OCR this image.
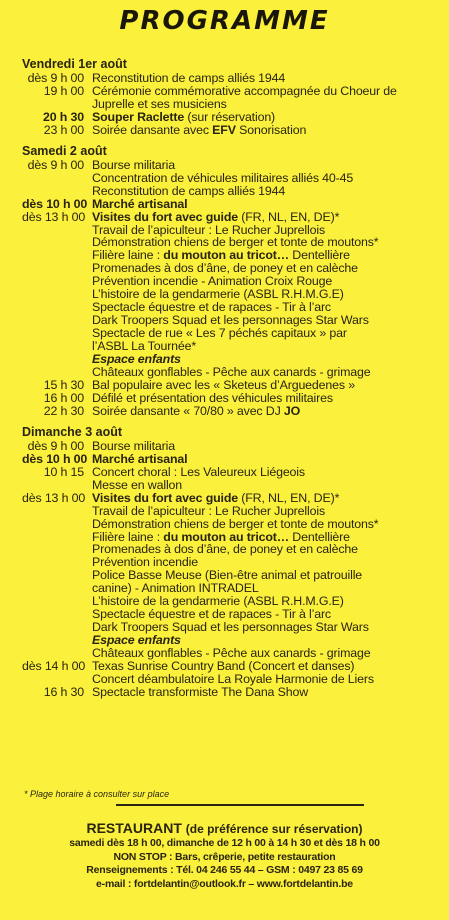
PROGRAMME
Vendredi 1er août
dès 9 h 00 Reconstitution de camps alliés 1944
19 h 00 Cérémonie commémorative accompagnée du Choeur de
Juprelle et ses musiciens
20 h 30 Souper Raclette (sur réservation)
23 h 00 Soirée dansante avec EFV Sonorisation
Samedi 2 août
dès 9 h 00 Bourse militaria
Concentration de véhicules militaires alliés 40-45
Reconstitution de camps alliés 1944
dès 10 h 00 Marché artisanal
dès 13 h 00 Visites du fort avec guide (FR, NL, EN, DE)*
Travail de l’apiculteur : Le Rucher Juprellois
Démonstration chiens de berger et tonte de moutons*
Filière laine : du mouton au tricot… Dentellière
Promenades à dos d’âne, de poney et en calèche
Prévention incendie - Animation Croix Rouge
L’histoire de la gendarmerie (ASBL R.H.M.G.E)
Spectacle équestre et de rapaces - Tir à l’arc
Dark Troopers Squad et les personnages Star Wars
Spectacle de rue « Les 7 péchés capitaux » par
l’ASBL La Tournée*
Espace enfants
Châteaux gonflables - Pêche aux canards - grimage
15 h 30 Bal populaire avec les « Sketeus d’Arguedenes »
16 h 00 Défilé et présentation des véhicules militaires
22 h 30 Soirée dansante « 70/80 » avec DJ JO
Dimanche 3 août
dès 9 h 00 Bourse militaria
dès 10 h 00 Marché artisanal
10 h 15 Concert choral : Les Valeureux Liégeois
Messe en wallon
dès 13 h 00 Visites du fort avec guide (FR, NL, EN, DE)*
Travail de l’apiculteur : Le Rucher Juprellois
Démonstration chiens de berger et tonte de moutons*
Filière laine : du mouton au tricot… Dentellière
Promenades à dos d’âne, de poney et en calèche
Prévention incendie
Police Basse Meuse (Bien-être animal et patrouille
canine) - Animation INTRADEL
L’histoire de la gendarmerie (ASBL R.H.M.G.E)
Spectacle équestre et de rapaces - Tir à l’arc
Dark Troopers Squad et les personnages Star Wars
Espace enfants
Châteaux gonflables - Pêche aux canards - grimage
dès 14 h 00 Texas Sunrise Country Band (Concert et danses)
Concert déambulatoire La Royale Harmonie de Liers
16 h 30 Spectacle transformiste The Dana Show
* Plage horaire à consulter sur place
RESTAURANT (de préférence sur réservation)
samedi dès 18 h 00, dimanche de 12 h 00 à 14 h 30 et dès 18 h 00
NON STOP : Bars, crêperie, petite restauration
Renseignements : Tél. 04 246 55 44 – GSM : 0497 23 85 69
e-mail : fortdelantin@outlook.fr – www.fortdelantin.be
